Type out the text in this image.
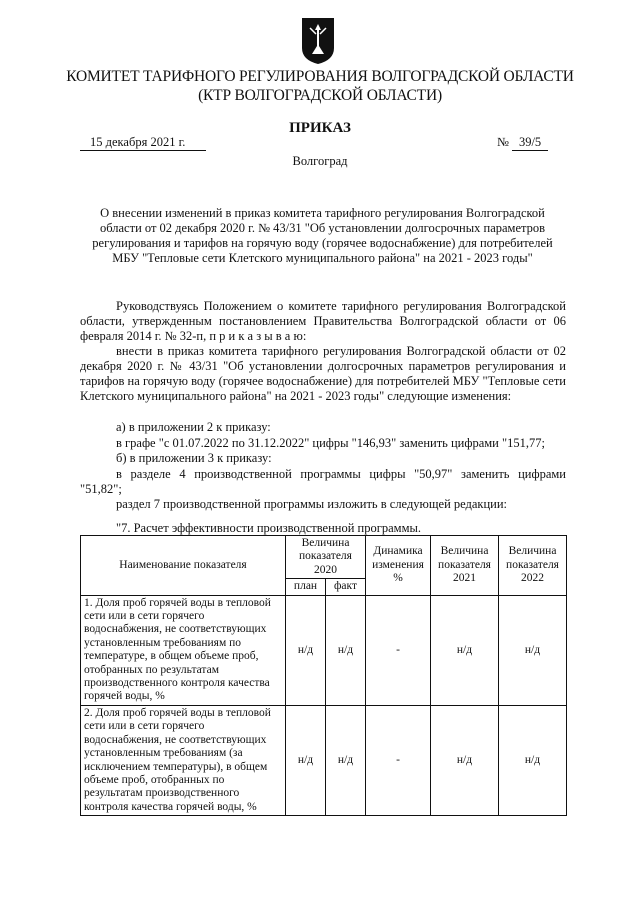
КОМИТЕТ ТАРИФНОГО РЕГУЛИРОВАНИЯ ВОЛГОГРАДСКОЙ ОБЛАСТИ
(КТР ВОЛГОГРАДСКОЙ ОБЛАСТИ)
ПРИКАЗ
15 декабря 2021 г.	№ 39/5
Волгоград
О внесении изменений в приказ комитета тарифного регулирования Волгоградской области от 02 декабря 2020 г. № 43/31 "Об установлении долгосрочных параметров регулирования и тарифов на горячую воду (горячее водоснабжение) для потребителей МБУ "Тепловые сети Клетского муниципального района" на 2021 - 2023 годы"
Руководствуясь Положением о комитете тарифного регулирования Волгоградской области, утвержденным постановлением Правительства Волгоградской области от 06 февраля 2014 г. № 32-п, п р и к а з ы в а ю:
внести в приказ комитета тарифного регулирования Волгоградской области от 02 декабря 2020 г. № 43/31 "Об установлении долгосрочных параметров регулирования и тарифов на горячую воду (горячее водоснабжение) для потребителей МБУ "Тепловые сети Клетского муниципального района" на 2021 - 2023 годы" следующие изменения:
а) в приложении 2 к приказу:
в графе "с 01.07.2022 по 31.12.2022" цифры "146,93" заменить цифрами "151,77;
б) в приложении 3 к приказу:
в разделе 4 производственной программы цифры "50,97" заменить цифрами "51,82";
раздел 7 производственной программы изложить в следующей редакции:
"7. Расчет эффективности производственной программы.
Наименование показателя	Величина показателя 2020		Динамика изменения %	Величина показателя 2021	Величина показателя 2022
	план	факт			
1. Доля проб горячей воды в тепловой сети или в сети горячего водоснабжения, не соответствующих установленным требованиям по температуре, в общем объеме проб, отобранных по результатам производственного контроля качества горячей воды, %	н/д	н/д	-	н/д	н/д
2. Доля проб горячей воды в тепловой сети или в сети горячего водоснабжения, не соответствующих установленным требованиям (за исключением температуры), в общем объеме проб, отобранных по результатам производственного контроля качества горячей воды, %	н/д	н/д	-	н/д	н/д
